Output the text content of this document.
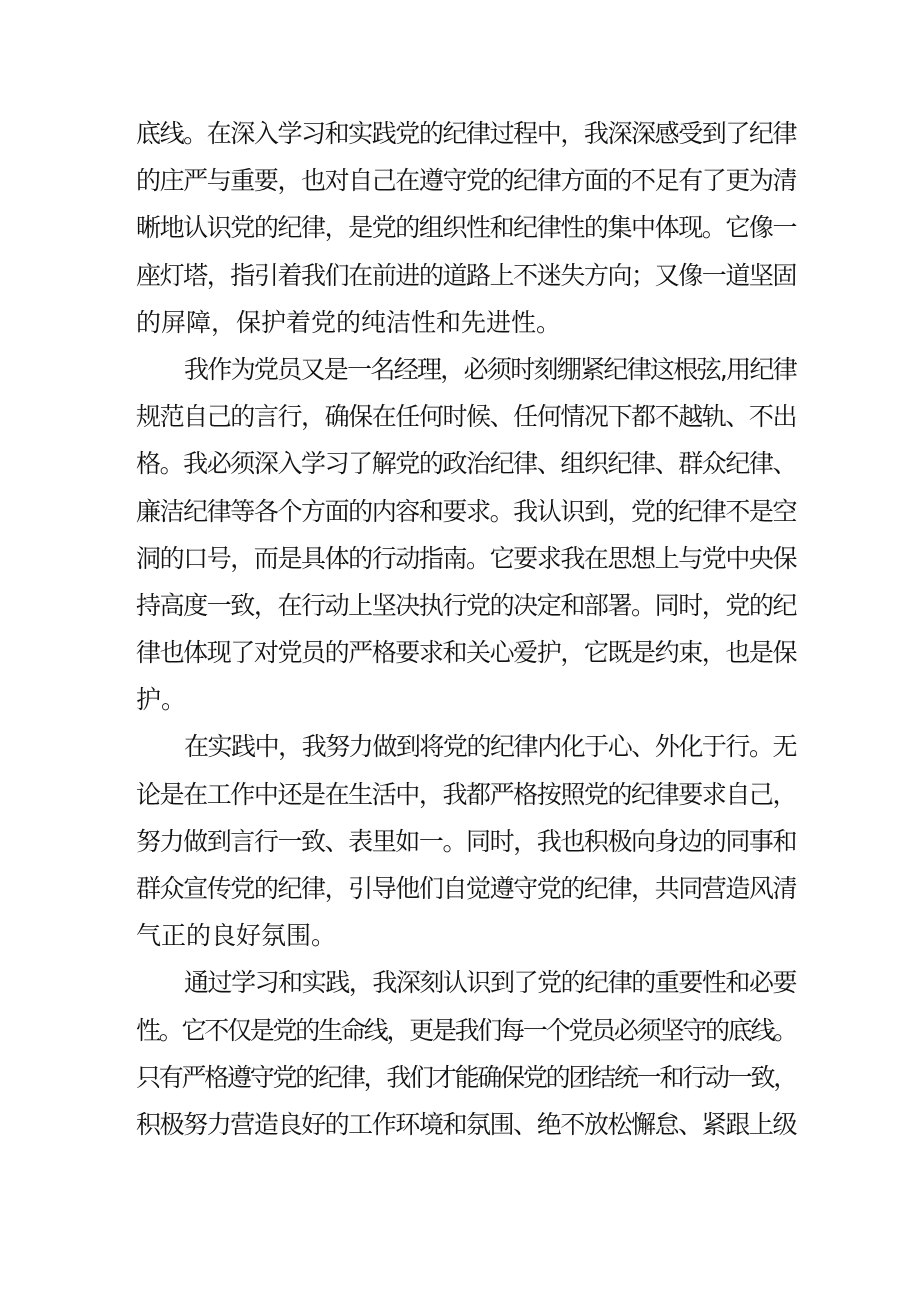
底线。在深入学习和实践党的纪律过程中，我深深感受到了纪律
的庄严与重要，也对自己在遵守党的纪律方面的不足有了更为清
晰地认识党的纪律，是党的组织性和纪律性的集中体现。它像一
座灯塔，指引着我们在前进的道路上不迷失方向；又像一道坚固
的屏障，保护着党的纯洁性和先进性。
我作为党员又是一名经理，必须时刻绷紧纪律这根弦,用纪律
规范自己的言行，确保在任何时候、任何情况下都不越轨、不出
格。我必须深入学习了解党的政治纪律、组织纪律、群众纪律、
廉洁纪律等各个方面的内容和要求。我认识到，党的纪律不是空
洞的口号，而是具体的行动指南。它要求我在思想上与党中央保
持高度一致，在行动上坚决执行党的决定和部署。同时，党的纪
律也体现了对党员的严格要求和关心爱护，它既是约束，也是保
护。
在实践中，我努力做到将党的纪律内化于心、外化于行。无
论是在工作中还是在生活中，我都严格按照党的纪律要求自己，
努力做到言行一致、表里如一。同时，我也积极向身边的同事和
群众宣传党的纪律，引导他们自觉遵守党的纪律，共同营造风清
气正的良好氛围。
通过学习和实践，我深刻认识到了党的纪律的重要性和必要
性。它不仅是党的生命线，更是我们每一个党员必须坚守的底线。
只有严格遵守党的纪律，我们才能确保党的团结统一和行动一致，
积极努力营造良好的工作环境和氛围、绝不放松懈怠、紧跟上级
